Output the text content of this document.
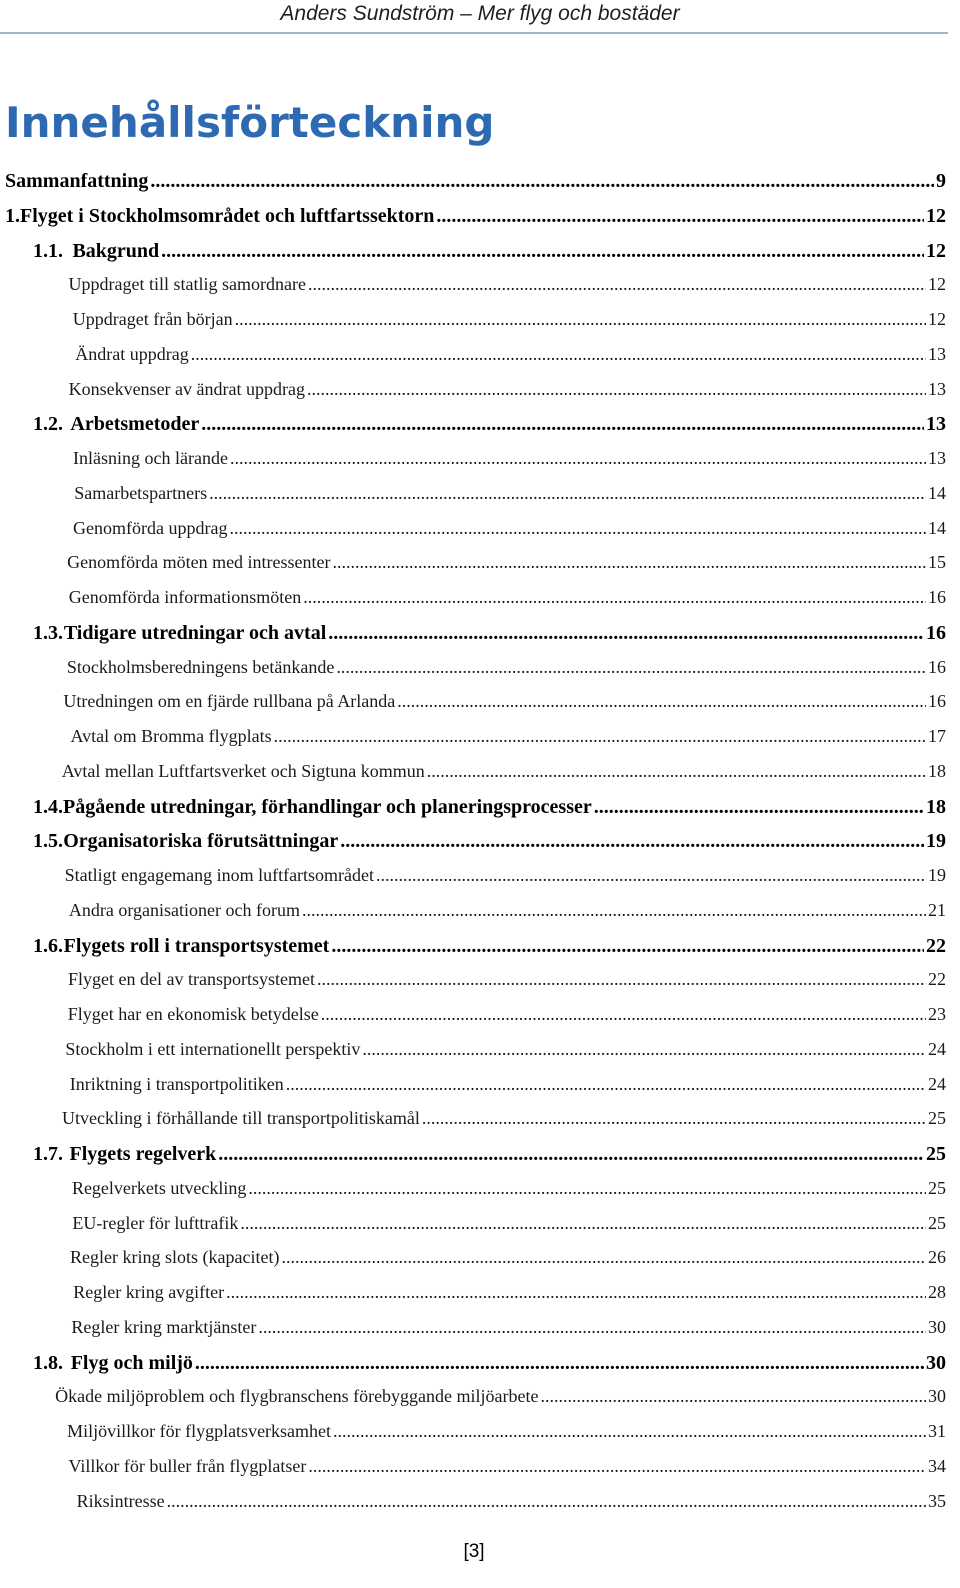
Anders Sundström – Mer flyg och bostäder
Innehållsförteckning
Sammanfattning .....	9
1. Flyget i Stockholmsområdet och luftfartssektorn .....	12
1.1. Bakgrund .....	12
Uppdraget till statlig samordnare .....	12
Uppdraget från början .....	12
Ändrat uppdrag .....	13
Konsekvenser av ändrat uppdrag .....	13
1.2. Arbetsmetoder .....	13
Inläsning och lärande .....	13
Samarbetspartners .....	14
Genomförda uppdrag .....	14
Genomförda möten med intressenter .....	15
Genomförda informationsmöten .....	16
1.3. Tidigare utredningar och avtal .....	16
Stockholmsberedningens betänkande .....	16
Utredningen om en fjärde rullbana på Arlanda .....	16
Avtal om Bromma flygplats .....	17
Avtal mellan Luftfartsverket och Sigtuna kommun .....	18
1.4. Pågående utredningar, förhandlingar och planeringsprocesser .....	18
1.5. Organisatoriska förutsättningar .....	19
Statligt engagemang inom luftfartsområdet .....	19
Andra organisationer och forum .....	21
1.6. Flygets roll i transportsystemet .....	22
Flyget en del av transportsystemet .....	22
Flyget har en ekonomisk betydelse .....	23
Stockholm i ett internationellt perspektiv .....	24
Inriktning i transportpolitiken .....	24
Utveckling i förhållande till transportpolitiskamål .....	25
1.7. Flygets regelverk .....	25
Regelverkets utveckling .....	25
EU-regler för lufttrafik .....	25
Regler kring slots (kapacitet) .....	26
Regler kring avgifter .....	28
Regler kring marktjänster .....	30
1.8. Flyg och miljö .....	30
Ökade miljöproblem och flygbranschens förebyggande miljöarbete .....	30
Miljövillkor för flygplatsverksamhet .....	31
Villkor för buller från flygplatser .....	34
Riksintresse .....	35
[3]
